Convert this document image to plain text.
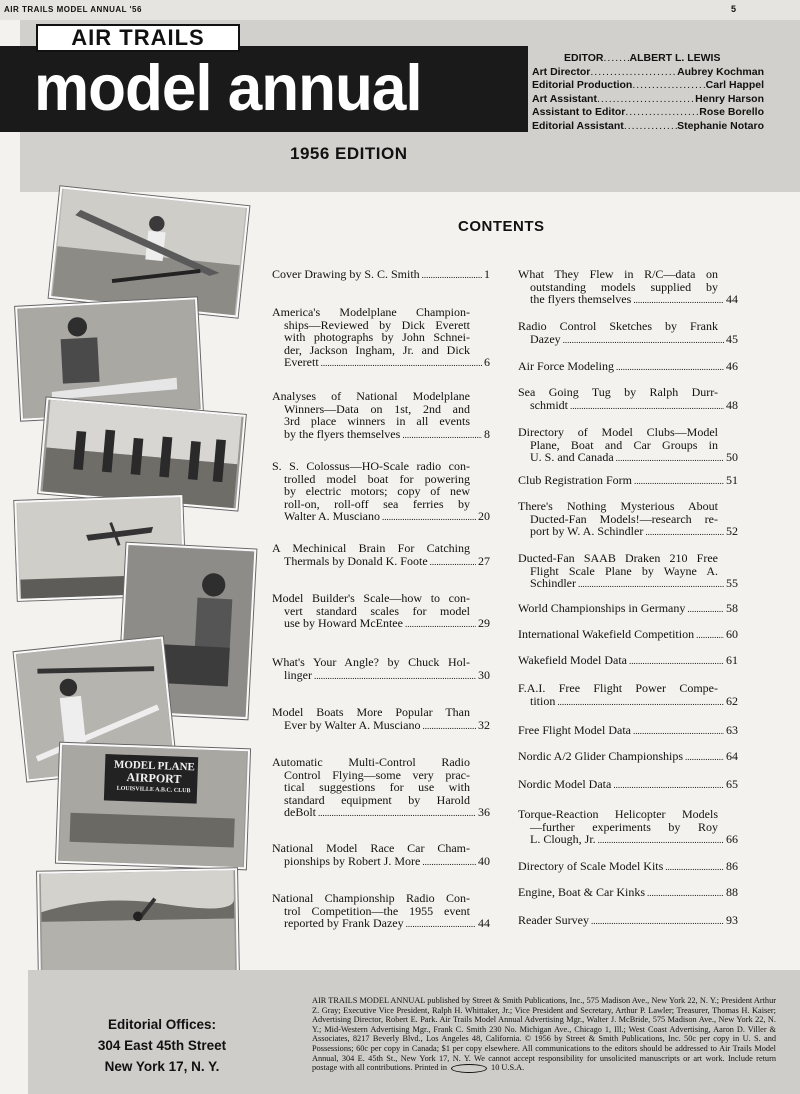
AIR TRAILS MODEL ANNUAL '56	5
AIR TRAILS
model annual
1956 EDITION
EDITOR ..... ALBERT L. LEWIS
Art Director .....	Aubrey Kochman
Editorial Production .....	Carl Happel
Art Assistant .....	Henry Harson
Assistant to Editor .....	Rose Borello
Editorial Assistant .....	Stephanie Notaro
MODEL PLANE
AIRPORT
LOUISVILLE A.B.C. CLUB
CONTENTS
Cover Drawing by S. C. Smith .....	1
America's Modelplane Champion-
ships—Reviewed by Dick Everett
with photographs by John Schnei-
der, Jackson Ingham, Jr. and Dick
Everett .....	6
Analyses of National Modelplane
Winners—Data on 1st, 2nd and
3rd place winners in all events
by the flyers themselves .....	8
S. S. Colossus—HO-Scale radio con-
trolled model boat for powering
by electric motors; copy of new
roll-on, roll-off sea ferries by
Walter A. Musciano .....	20
A Mechinical Brain For Catching
Thermals by Donald K. Foote .....	27
Model Builder's Scale—how to con-
vert standard scales for model
use by Howard McEntee .....	29
What's Your Angle? by Chuck Hol-
linger .....	30
Model Boats More Popular Than
Ever by Walter A. Musciano .....	32
Automatic Multi-Control Radio
Control Flying—some very prac-
tical suggestions for use with
standard equipment by Harold
deBolt .....	36
National Model Race Car Cham-
pionships by Robert J. More .....	40
National Championship Radio Con-
trol Competition—the 1955 event
reported by Frank Dazey .....	44
What They Flew in R/C—data on
outstanding models supplied by
the flyers themselves .....	44
Radio Control Sketches by Frank
Dazey .....	45
Air Force Modeling .....	46
Sea Going Tug by Ralph Durr-
schmidt .....	48
Directory of Model Clubs—Model
Plane, Boat and Car Groups in
U. S. and Canada .....	50
Club Registration Form .....	51
There's Nothing Mysterious About
Ducted-Fan Models!—research re-
port by W. A. Schindler .....	52
Ducted-Fan SAAB Draken 210 Free
Flight Scale Plane by Wayne A.
Schindler .....	55
World Championships in Germany .....	58
International Wakefield Competition .....	60
Wakefield Model Data .....	61
F.A.I. Free Flight Power Compe-
tition .....	62
Free Flight Model Data .....	63
Nordic A/2 Glider Championships .....	64
Nordic Model Data .....	65
Torque-Reaction Helicopter Models
—further experiments by Roy
L. Clough, Jr. .....	66
Directory of Scale Model Kits .....	86
Engine, Boat & Car Kinks .....	88
Reader Survey .....	93
Editorial Offices:
304 East 45th Street
New York 17, N. Y.
AIR TRAILS MODEL ANNUAL published by Street & Smith Publications, Inc., 575 Madison Ave., New York 22, N. Y.; President Arthur Z. Gray; Executive Vice President, Ralph H. Whittaker, Jr.; Vice President and Secretary, Arthur P. Lawler; Treasurer, Thomas H. Kaiser; Advertising Director, Robert E. Park. Air Trails Model Annual Advertising Mgr., Walter J. McBride, 575 Madison Ave., New York 22, N. Y.; Mid-Western Advertising Mgr., Frank C. Smith 230 No. Michigan Ave., Chicago 1, Ill.; West Coast Advertising, Aaron D. Viller & Associates, 8217 Beverly Blvd., Los Angeles 48, California. © 1956 by Street & Smith Publications, Inc. 50c per copy in U. S. and Possessions; 60c per copy in Canada; $1 per copy elsewhere. All communications to the editors should be addressed to Air Trails Model Annual, 304 E. 45th St., New York 17, N. Y. We cannot accept responsibility for unsolicited manuscripts or art work. Include return postage with all contributions. Printed in	10 U.S.A.
